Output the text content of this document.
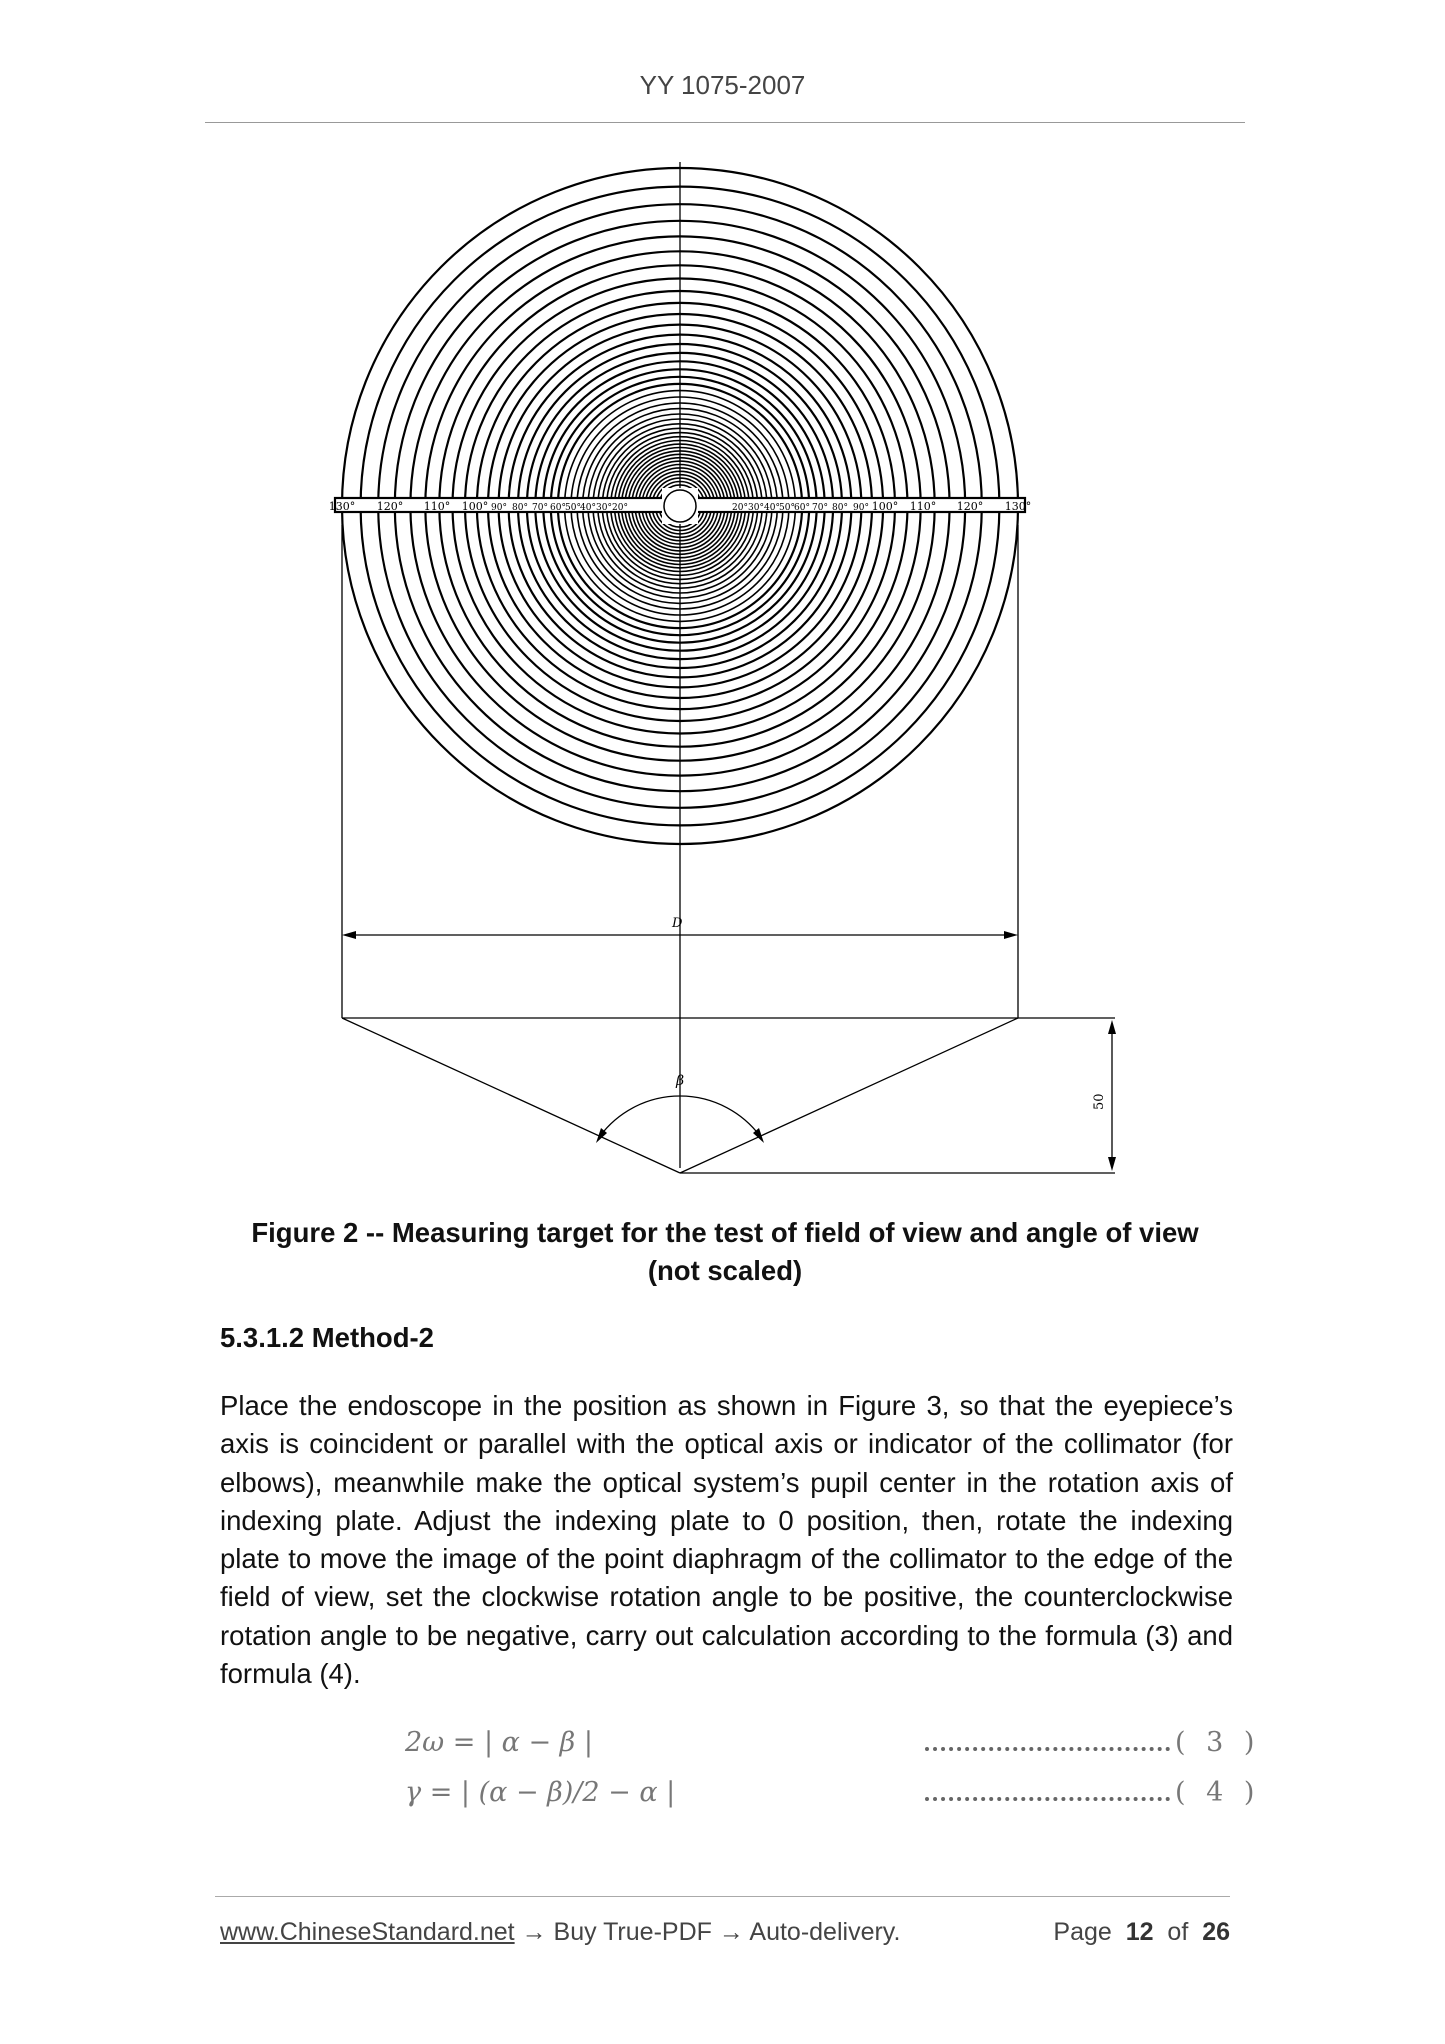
YY 1075-2007
130° 120° 110° 100° 90° 80° 70° 60° 50° 40° 30° 20°	20° 30° 40° 50° 60° 70° 80° 90° 100° 110° 120° 130°
D
β
50
Figure 2 -- Measuring target for the test of field of view and angle of view
(not scaled)
5.3.1.2 Method-2
Place the endoscope in the position as shown in Figure 3, so that the eyepiece’s axis is coincident or parallel with the optical axis or indicator of the collimator (for elbows), meanwhile make the optical system’s pupil center in the rotation axis of indexing plate. Adjust the indexing plate to 0 position, then, rotate the indexing plate to move the image of the point diaphragm of the collimator to the edge of the field of view, set the clockwise rotation angle to be positive, the counterclockwise rotation angle to be negative, carry out calculation according to the formula (3) and formula (4).
2ω = | α − β |	( 3 )
γ = | (α − β)/2 − α |	( 4 )
www.ChineseStandard.net → Buy True-PDF → Auto-delivery.	Page 12 of 26
